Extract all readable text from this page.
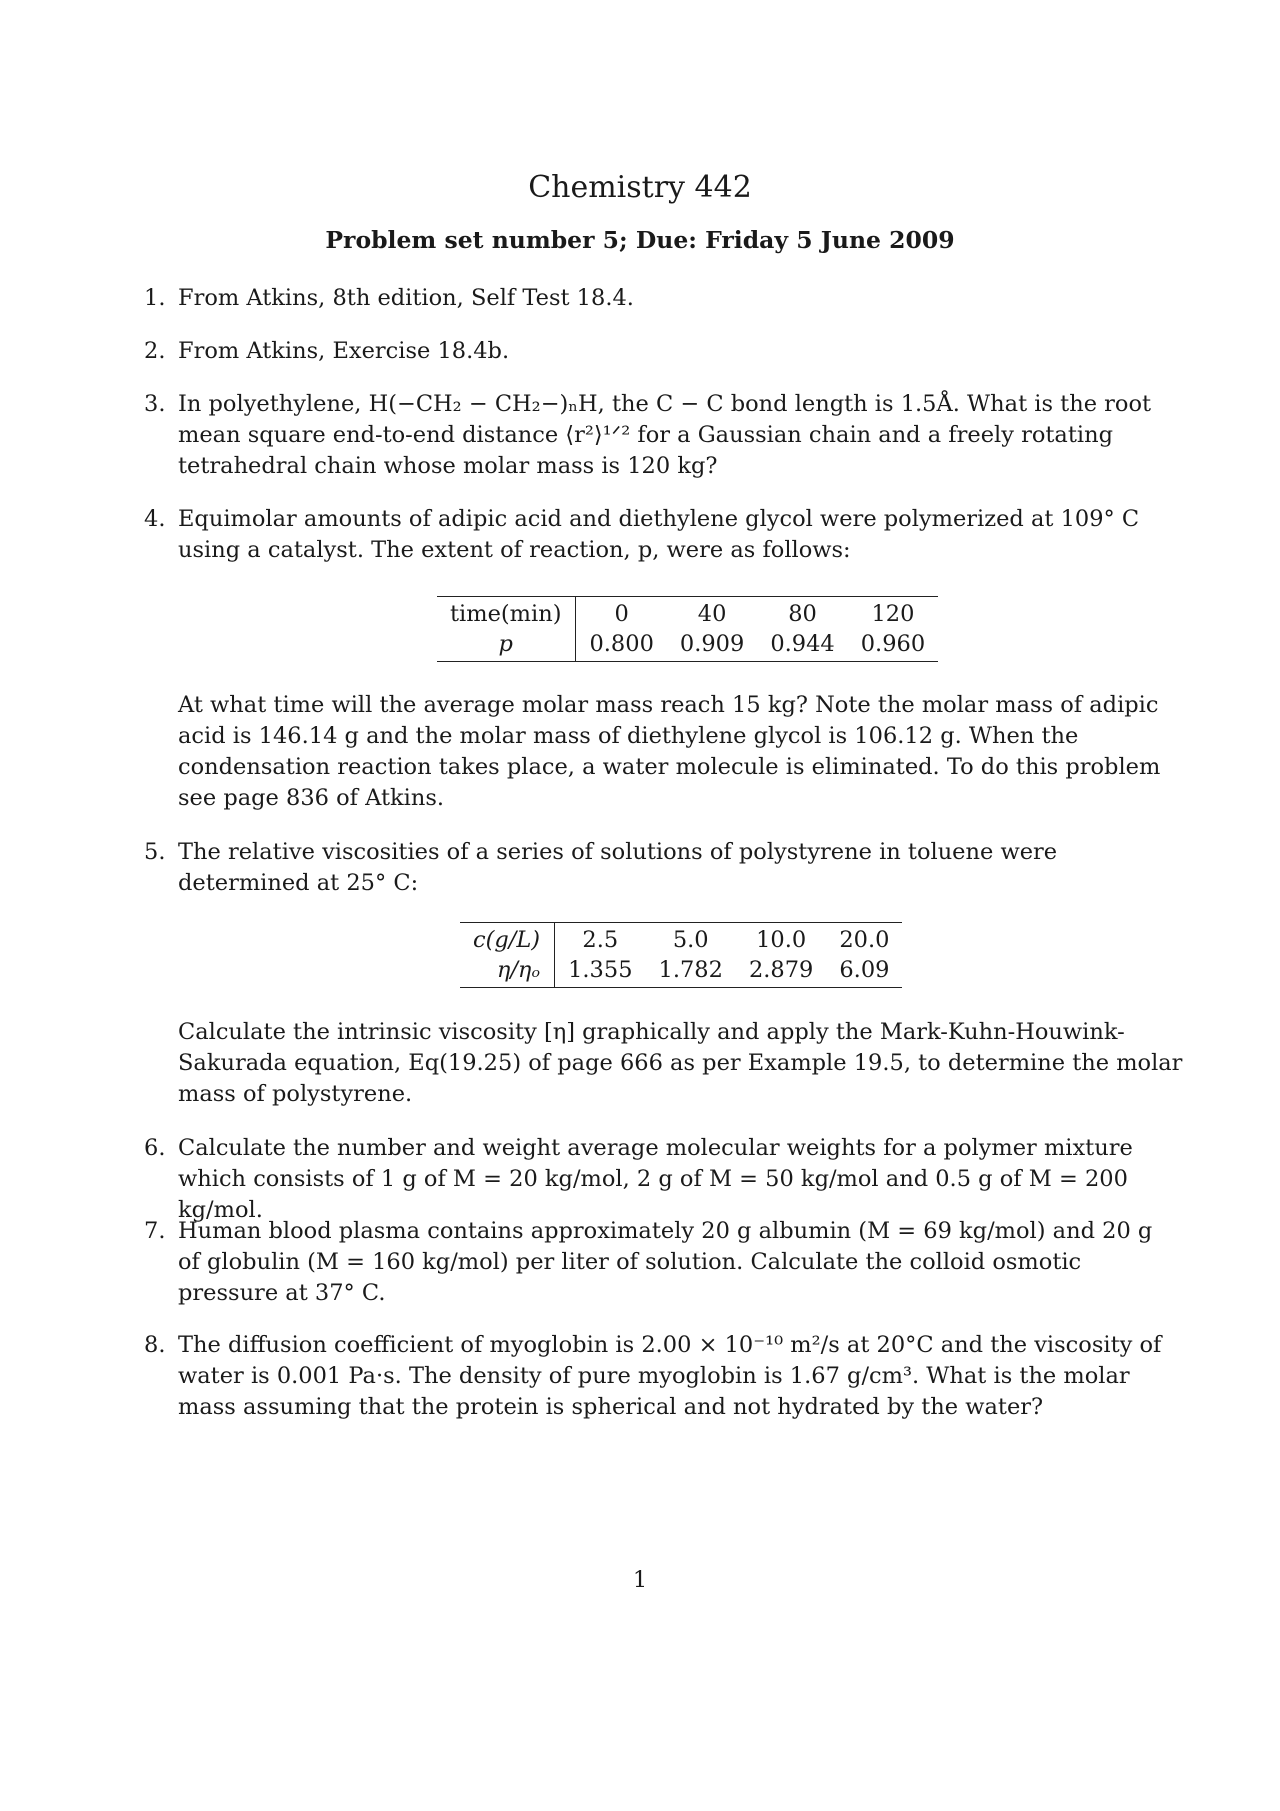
Chemistry 442
Problem set number 5; Due: Friday 5 June 2009
1. From Atkins, 8th edition, Self Test 18.4.
2. From Atkins, Exercise 18.4b.
3. In polyethylene, H(−CH₂ − CH₂−)ₙH, the C − C bond length is 1.5Å. What is the root mean square end-to-end distance ⟨r²⟩¹ᐟ² for a Gaussian chain and a freely rotating tetrahedral chain whose molar mass is 120 kg?
4. Equimolar amounts of adipic acid and diethylene glycol were polymerized at 109° C using a catalyst. The extent of reaction, p, were as follows:
time(min)	0	40	80	120
p	0.800	0.909	0.944	0.960
At what time will the average molar mass reach 15 kg? Note the molar mass of adipic acid is 146.14 g and the molar mass of diethylene glycol is 106.12 g. When the condensation reaction takes place, a water molecule is eliminated. To do this problem see page 836 of Atkins.
5. The relative viscosities of a series of solutions of polystyrene in toluene were determined at 25° C:
c(g/L)	2.5	5.0	10.0	20.0
η/ηₒ	1.355	1.782	2.879	6.09
Calculate the intrinsic viscosity [η] graphically and apply the Mark-Kuhn-Houwink-Sakurada equation, Eq(19.25) of page 666 as per Example 19.5, to determine the molar mass of polystyrene.
6. Calculate the number and weight average molecular weights for a polymer mixture which consists of 1 g of M = 20 kg/mol, 2 g of M = 50 kg/mol and 0.5 g of M = 200 kg/mol.
7. Human blood plasma contains approximately 20 g albumin (M = 69 kg/mol) and 20 g of globulin (M = 160 kg/mol) per liter of solution. Calculate the colloid osmotic pressure at 37° C.
8. The diffusion coefficient of myoglobin is 2.00 × 10⁻¹⁰ m²/s at 20°C and the viscosity of water is 0.001 Pa·s. The density of pure myoglobin is 1.67 g/cm³. What is the molar mass assuming that the protein is spherical and not hydrated by the water?
1
